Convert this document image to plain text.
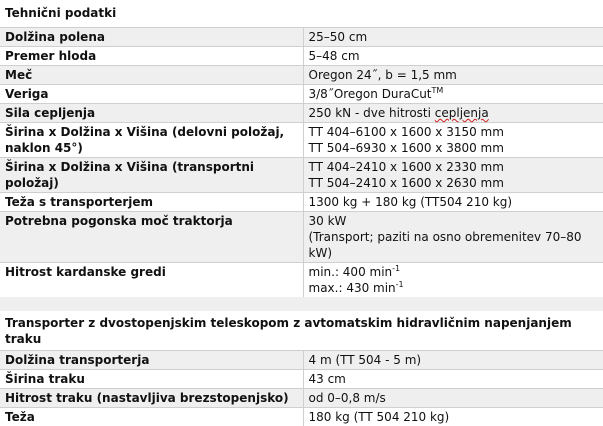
Tehnični podatki	
Dolžina polena	25–50 cm
Premer hloda	5–48 cm
Meč	Oregon 24˝, b = 1,5 mm
Veriga	3/8˝Oregon DuraCut™
Sila cepljenja	250 kN - dve hitrosti cepljenja
Širina x Dolžina x Višina (delovni položaj, naklon 45°)	TT 404–6100 x 1600 x 3150 mm
TT 504–6930 x 1600 x 3800 mm

Širina x Dolžina x Višina (transportni položaj)	TT 404–2410 x 1600 x 2330 mm
TT 504–2410 x 1600 x 2630 mm

Teža s transporterjem	1300 kg + 180 kg (TT504 210 kg)
Potrebna pogonska moč traktorja	30 kW
(Transport; paziti na osno obremenitev 70–80 kW)

Hitrost kardanske gredi	min.: 400 $\min^{-1}$
max.: 430 $\min^{-1}$

Transporter z dvostopenjskim teleskopom z avtomatskim hidravličnim napenjanjem traku	
Dolžina transporterja	4 m (TT 504 - 5 m)
Širina traku	43 cm
Hitrost traku (nastavljiva brezstopenjsko)	od 0–0,8 m/s
Teža	180 kg (TT 504 210 kg)
